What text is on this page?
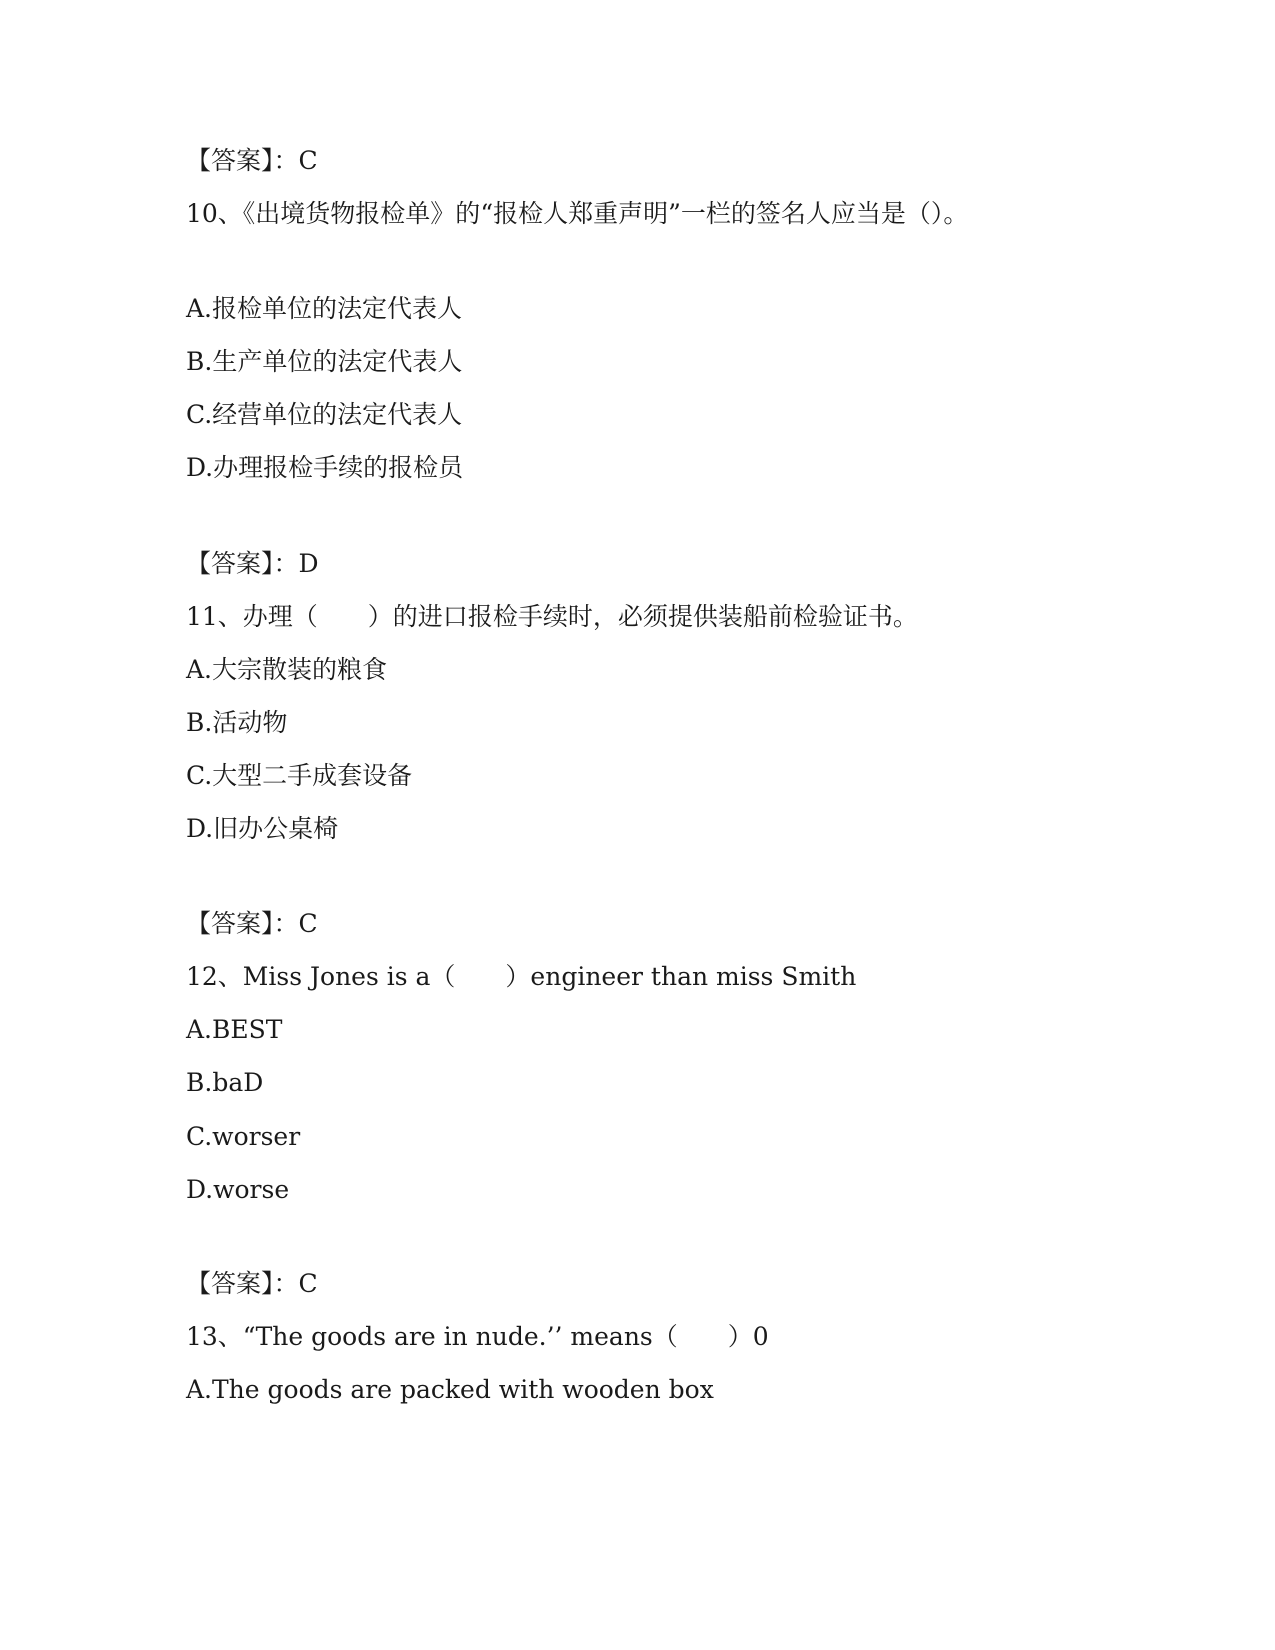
【答案】：C
10、《出境货物报检单》的“报检人郑重声明”一栏的签名人应当是（）。
A.报检单位的法定代表人
B.生产单位的法定代表人
C.经营单位的法定代表人
D.办理报检手续的报检员
【答案】：D
11、办理（　　）的进口报检手续时，必须提供装船前检验证书。
A.大宗散装的粮食
B.活动物
C.大型二手成套设备
D.旧办公桌椅
【答案】：C
12、Miss Jones is a（　　）engineer than miss Smith
A.BEST
B.baD
C.worser
D.worse
【答案】：C
13、“The goods are in nude.’’ means（　　）0
A.The goods are packed with wooden box
